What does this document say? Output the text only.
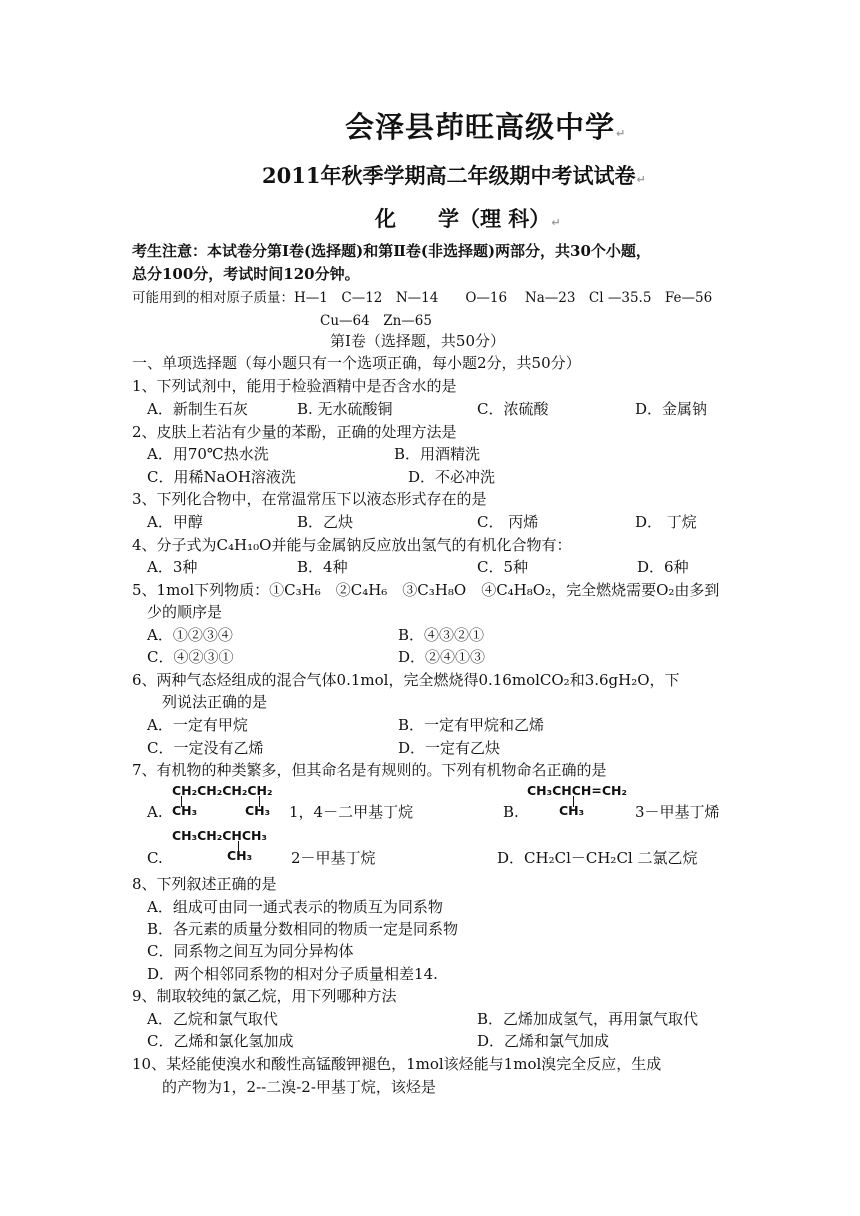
会泽县茚旺高级中学↵
2011年秋季学期高二年级期中考试试卷↵
化　　学（理 科）↵
考生注意：本试卷分第Ⅰ卷(选择题)和第Ⅱ卷(非选择题)两部分，共30个小题，
总分100分，考试时间120分钟。
可能用到的相对原子质量：H—1　C—12　N—14　　O—16　 Na—23　Cl —35.5　Fe—56
Cu—64　Zn—65
第Ⅰ卷（选择题，共50分）
一、单项选择题（每小题只有一个选项正确，每小题2分，共50分）
1、下列试剂中，能用于检验酒精中是否含水的是
A．新制生石灰	B. 无水硫酸铜	C．浓硫酸	D．金属钠
2、皮肤上若沾有少量的苯酚，正确的处理方法是
A．用70℃热水洗	B．用酒精洗
C．用稀NaOH溶液洗	D．不必冲洗
3、下列化合物中，在常温常压下以液态形式存在的是
A．甲醇	B．乙炔	C． 丙烯	D． 丁烷
4、分子式为C₄H₁₀O并能与金属钠反应放出氢气的有机化合物有：
A．3种	B．4种	C．5种	D．6种
5、1mol下列物质：①C₃H₆　②C₄H₆　③C₃H₈O　④C₄H₈O₂，完全燃烧需要O₂由多到
少的顺序是
A．①②③④	B．④③②①
C．④②③①	D．②④①③
6、两种气态烃组成的混合气体0.1mol，完全燃烧得0.16molCO₂和3.6gH₂O，下
列说法正确的是
A．一定有甲烷	B．一定有甲烷和乙烯
C．一定没有乙烯	D．一定有乙炔
7、有机物的种类繁多，但其命名是有规则的。下列有机物命名正确的是
CH₂CH₂CH₂CH₂
CH₃	CH₃
A.	1，4－二甲基丁烷
CH₃CHCH=CH₂
CH₃
B.	3－甲基丁烯
CH₃CH₂CHCH₃
CH₃
C.	2－甲基丁烷	D．CH₂Cl－CH₂Cl 二氯乙烷
8、下列叙述正确的是
A．组成可由同一通式表示的物质互为同系物
B．各元素的质量分数相同的物质一定是同系物
C．同系物之间互为同分异构体
D．两个相邻同系物的相对分子质量相差14.
9、制取较纯的氯乙烷，用下列哪种方法
A．乙烷和氯气取代	B．乙烯加成氢气，再用氯气取代
C．乙烯和氯化氢加成	D．乙烯和氯气加成
10、某烃能使溴水和酸性高锰酸钾褪色，1mol该烃能与1mol溴完全反应，生成
的产物为1，2--二溴-2-甲基丁烷，该烃是
